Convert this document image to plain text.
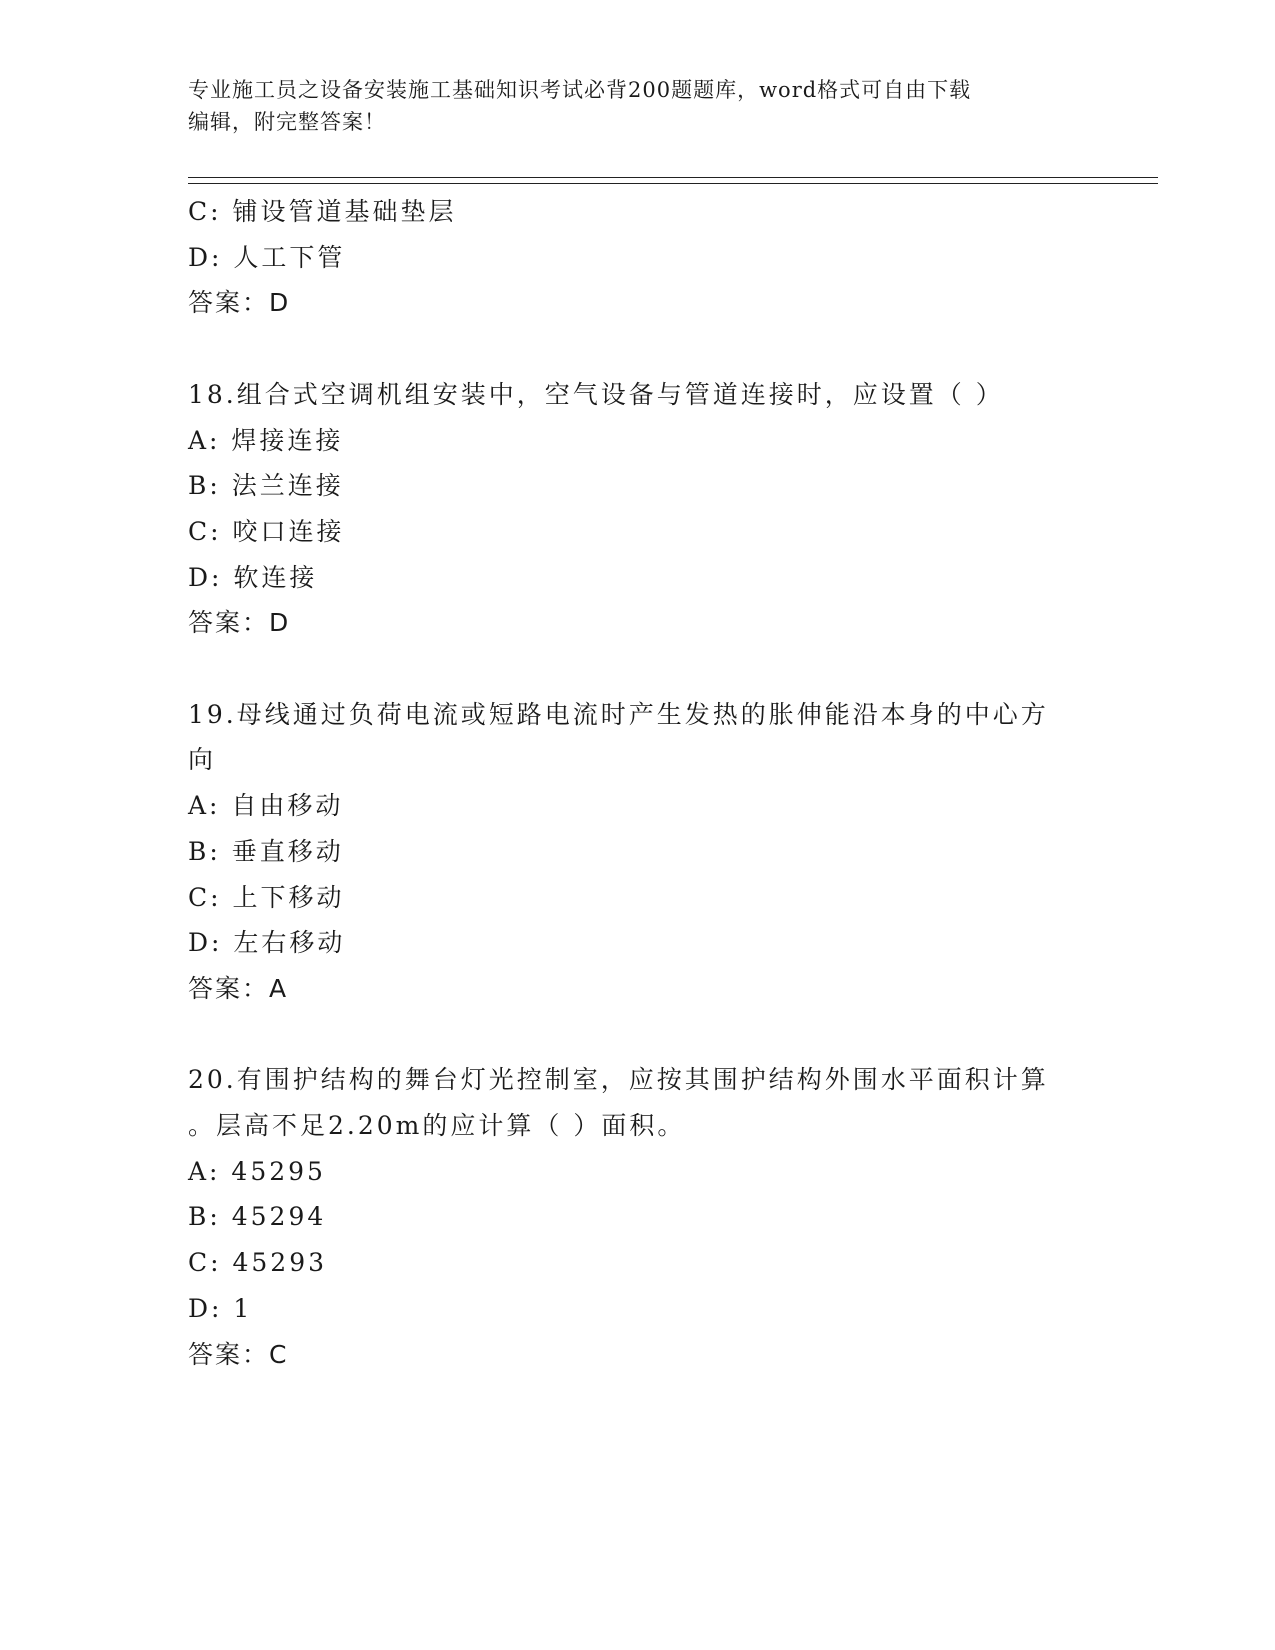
专业施工员之设备安装施工基础知识考试必背200题题库，word格式可自由下载
编辑，附完整答案！
C: 铺设管道基础垫层
D: 人工下管
答案：D
18.组合式空调机组安装中，空气设备与管道连接时，应设置（ ）
A: 焊接连接
B: 法兰连接
C: 咬口连接
D: 软连接
答案：D
19.母线通过负荷电流或短路电流时产生发热的胀伸能沿本身的中心方
向
A: 自由移动
B: 垂直移动
C: 上下移动
D: 左右移动
答案：A
20.有围护结构的舞台灯光控制室，应按其围护结构外围水平面积计算
。层高不足2.20m的应计算（ ）面积。
A: 45295
B: 45294
C: 45293
D: 1
答案：C
